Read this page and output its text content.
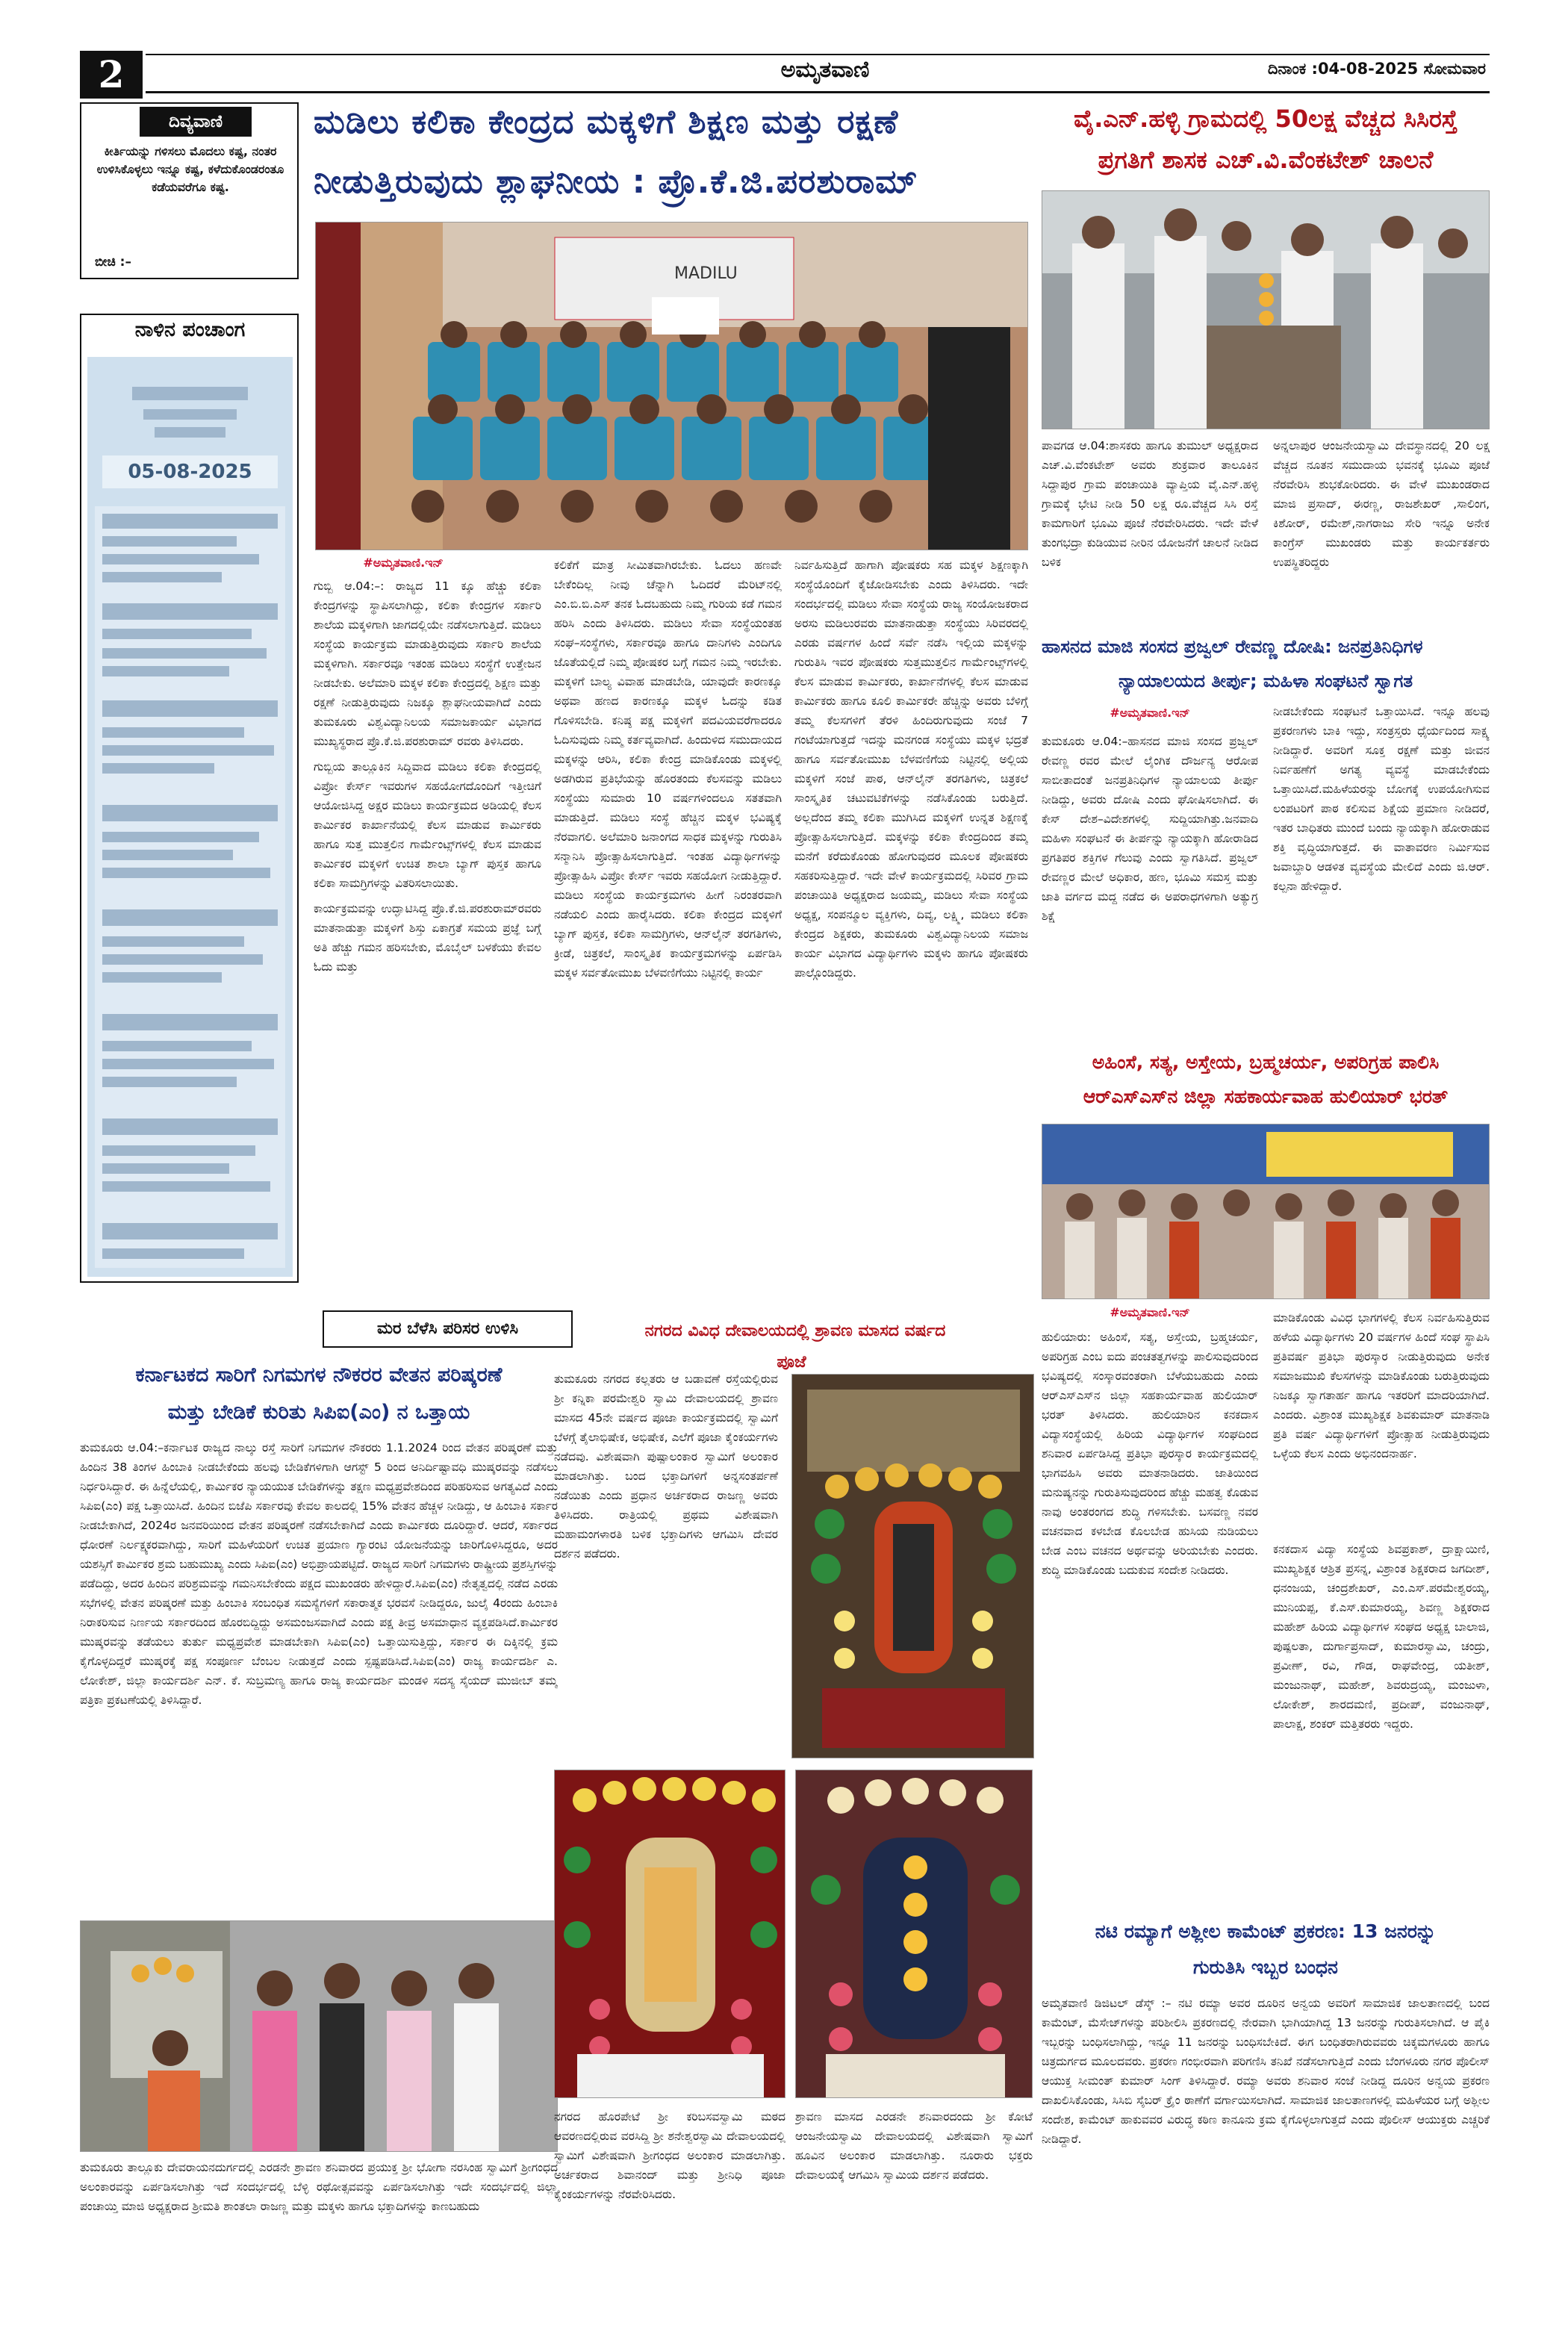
2	ಅಮೃತವಾಣಿ	ದಿನಾಂಕ :04-08-2025 ಸೋಮವಾರ
ದಿವ್ಯವಾಣಿ
ಕೀರ್ತಿಯನ್ನು ಗಳಿಸಲು ಮೊದಲು ಕಷ್ಟ, ನಂತರ ಉಳಿಸಿಕೊಳ್ಳಲು ಇನ್ನೂ ಕಷ್ಟ, ಕಳೆದುಕೊಂಡರಂತೂ ಕಡೆಯವರೆಗೂ ಕಷ್ಟ.
ಬೀಚಿ :–
ನಾಳಿನ ಪಂಚಾಂಗ
05-08-2025
ಮರ ಬೆಳೆಸಿ ಪರಿಸರ ಉಳಿಸಿ
ಮಡಿಲು ಕಲಿಕಾ ಕೇಂದ್ರದ ಮಕ್ಕಳಿಗೆ ಶಿಕ್ಷಣ ಮತ್ತು ರಕ್ಷಣೆ
ನೀಡುತ್ತಿರುವುದು ಶ್ಲಾಘನೀಯ : ಪ್ರೊ.ಕೆ.ಜಿ.ಪರಶುರಾಮ್
MADILU
#ಅಮೃತವಾಣಿ.ಇನ್

ಗುಬ್ಬಿ ಆ.04:–: ರಾಜ್ಯದ 11 ಕ್ಕೂ ಹೆಚ್ಚು ಕಲಿಕಾ ಕೇಂದ್ರಗಳನ್ನು ಸ್ಥಾಪಿಸಲಾಗಿದ್ದು, ಕಲಿಕಾ ಕೇಂದ್ರಗಳ ಸರ್ಕಾರಿ ಶಾಲೆಯ ಮಕ್ಕಳಿಗಾಗಿ ಜಾಗದಲ್ಲಿಯೇ ನಡೆಸಲಾಗುತ್ತಿದೆ. ಮಡಿಲು ಸಂಸ್ಥೆಯ ಕಾರ್ಯಕ್ರಮ ಮಾಡುತ್ತಿರುವುದು ಸರ್ಕಾರಿ ಶಾಲೆಯ ಮಕ್ಕಳಿಗಾಗಿ. ಸರ್ಕಾರವೂ ಇತಂಹ ಮಡಿಲು ಸಂಸ್ಥೆಗೆ ಉತ್ತೇಜನ ನೀಡಬೇಕು. ಅಲೆಮಾರಿ ಮಕ್ಕಳ ಕಲಿಕಾ ಕೇಂದ್ರದಲ್ಲಿ ಶಿಕ್ಷಣ ಮತ್ತು ರಕ್ಷಣೆ ನೀಡುತ್ತಿರುವುದು ನಿಜಕ್ಕೂ ಶ್ಲಾಘನೀಯವಾಗಿದೆ ಎಂದು ತುಮಕೂರು ವಿಶ್ವವಿದ್ಯಾನಿಲಯ ಸಮಾಜಕಾರ್ಯ ವಿಭಾಗದ ಮುಖ್ಯಸ್ಥರಾದ ಪ್ರೊ.ಕೆ.ಜಿ.ಪರಶುರಾಮ್ ರವರು ತಿಳಿಸಿದರು.

ಗುಬ್ಬಿಯ ತಾಲ್ಲೂಕಿನ ಸಿದ್ದಿವಾದ ಮಡಿಲು ಕಲಿಕಾ ಕೇಂದ್ರದಲ್ಲಿ ವಿಪ್ರೋ ಕೇರ್ಸ್ ಇವರುಗಳ ಸಹಯೋಗದೊಂದಿಗೆ ಇತ್ತೀಚಿಗೆ ಆಯೋಜಿಸಿದ್ದ ಅಕ್ಷರ ಮಡಿಲು ಕಾರ್ಯಕ್ರಮದ ಅಡಿಯಲ್ಲಿ ಕೆಲಸ ಕಾರ್ಮಿಕರ ಕಾರ್ಖಾನೆಯಲ್ಲಿ ಕೆಲಸ ಮಾಡುವ ಕಾರ್ಮಿಕರು ಹಾಗೂ ಸುತ್ತ ಮುತ್ತಲಿನ ಗಾರ್ಮೆಂಟ್ಸ್‌ಗಳಲ್ಲಿ ಕೆಲಸ ಮಾಡುವ ಕಾರ್ಮಿಕರ ಮಕ್ಕಳಿಗೆ ಉಚಿತ ಶಾಲಾ ಬ್ಯಾಗ್ ಪುಸ್ತಕ ಹಾಗೂ ಕಲಿಕಾ ಸಾಮಗ್ರಿಗಳನ್ನು ವಿತರಿಸಲಾಯಿತು.

ಕಾರ್ಯಕ್ರಮವನ್ನು ಉದ್ಘಾಟಿಸಿದ್ದ ಪ್ರೊ.ಕೆ.ಜಿ.ಪರಶುರಾಮ್‌ರವರು ಮಾತನಾಡುತ್ತಾ ಮಕ್ಕಳಿಗೆ ಶಿಸ್ತು ಏಕಾಗ್ರತೆ ಸಮಯ ಪ್ರಜ್ಞೆ ಬಗ್ಗೆ ಅತಿ ಹೆಚ್ಚು ಗಮನ ಹರಿಸಬೇಕು, ಮೊಬೈಲ್ ಬಳಕೆಯು ಕೇವಲ ಓದು ಮತ್ತು

ಕಲಿಕೆಗೆ ಮಾತ್ರ ಸೀಮಿತವಾಗಿರಬೇಕು. ಓದಲು ಹಣವೇ ಬೇಕೆಂದಿಲ್ಲ ನೀವು ಚೆನ್ನಾಗಿ ಓದಿದರೆ ಮೆರಿಟ್‌ನಲ್ಲಿ ಎಂ.ಬಿ.ಬಿ.ಎಸ್ ತನಕ ಓದಬಹುದು ನಿಮ್ಮ ಗುರಿಯ ಕಡೆ ಗಮನ ಹರಿಸಿ ಎಂದು ತಿಳಿಸಿದರು. ಮಡಿಲು ಸೇವಾ ಸಂಸ್ಥೆಯಂತಹ ಸಂಘ–ಸಂಸ್ಥೆಗಳು, ಸರ್ಕಾರವೂ ಹಾಗೂ ದಾನಿಗಳು ಎಂದಿಗೂ ಜೊತೆಯಲ್ಲಿದೆ ನಿಮ್ಮ ಪೋಷಕರ ಬಗ್ಗೆ ಗಮನ ನಿಮ್ಮ ಇರಬೇಕು. ಮಕ್ಕಳಿಗೆ ಬಾಲ್ಯ ವಿವಾಹ ಮಾಡಬೇಡಿ, ಯಾವುದೇ ಕಾರಣಕ್ಕೂ ಅಥವಾ ಹಣದ ಕಾರಣಕ್ಕೂ ಮಕ್ಕಳ ಓದನ್ನು ಕಡಿತ ಗೊಳಿಸಬೇಡಿ. ಕನಿಷ್ಠ ಪಕ್ಷ ಮಕ್ಕಳಿಗೆ ಪದವಿಯವರೆಗಾದರೂ ಓದಿಸುವುದು ನಿಮ್ಮ ಕರ್ತವ್ಯವಾಗಿದೆ. ಹಿಂದುಳಿದ ಸಮುದಾಯದ ಮಕ್ಕಳನ್ನು ಆರಿಸಿ, ಕಲಿಕಾ ಕೇಂದ್ರ ಮಾಡಿಕೊಂಡು ಮಕ್ಕಳಲ್ಲಿ ಅಡಗಿರುವ ಪ್ರತಿಭೆಯನ್ನು ಹೊರತಂದು ಕೆಲಸವನ್ನು ಮಡಿಲು ಸಂಸ್ಥೆಯು ಸುಮಾರು 10 ವರ್ಷಗಳಿಂದಲೂ ಸತತವಾಗಿ ಮಾಡುತ್ತಿದೆ. ಮಡಿಲು ಸಂಸ್ಥೆ ಹೆಚ್ಚಿನ ಮಕ್ಕಳ ಭವಿಷ್ಯಕ್ಕೆ ನೆರವಾಗಲಿ. ಅಲೆಮಾರಿ ಜನಾಂಗದ ಸಾಧಕ ಮಕ್ಕಳನ್ನು ಗುರುತಿಸಿ ಸನ್ಮಾನಿಸಿ ಪ್ರೋತ್ಸಾಹಿಸಲಾಗುತ್ತಿದೆ. ಇಂತಹ ವಿದ್ಯಾರ್ಥಿಗಳನ್ನು ಪ್ರೋತ್ಸಾಹಿಸಿ ವಿಪ್ರೋ ಕೇರ್ಸ್ ಇವರು ಸಹಯೋಗ ನೀಡುತ್ತಿದ್ದಾರೆ. ಮಡಿಲು ಸಂಸ್ಥೆಯ ಕಾರ್ಯಕ್ರಮಗಳು ಹೀಗೆ ನಿರಂತರವಾಗಿ ನಡೆಯಲಿ ಎಂದು ಹಾರೈಸಿದರು. ಕಲಿಕಾ ಕೇಂದ್ರದ ಮಕ್ಕಳಿಗೆ ಬ್ಯಾಗ್ ಪುಸ್ತಕ, ಕಲಿಕಾ ಸಾಮಗ್ರಿಗಳು, ಆನ್‌ಲೈನ್ ತರಗತಿಗಳು, ಕ್ರೀಡೆ, ಚಿತ್ರಕಲೆ, ಸಾಂಸ್ಕೃತಿಕ ಕಾರ್ಯಕ್ರಮಗಳನ್ನು ಏರ್ಪಡಿಸಿ ಮಕ್ಕಳ ಸರ್ವತೋಮುಖ ಬೆಳವಣಿಗೆಯು ನಿಟ್ಟಿನಲ್ಲಿ ಕಾರ್ಯ
ನಿರ್ವಹಿಸುತ್ತಿದೆ ಹಾಗಾಗಿ ಪೋಷಕರು ಸಹ ಮಕ್ಕಳ ಶಿಕ್ಷಣಕ್ಕಾಗಿ ಸಂಸ್ಥೆಯೊಂದಿಗೆ ಕೈಜೋಡಿಸಬೇಕು ಎಂದು ತಿಳಿಸಿದರು. ಇದೇ ಸಂದರ್ಭದಲ್ಲಿ ಮಡಿಲು ಸೇವಾ ಸಂಸ್ಥೆಯ ರಾಜ್ಯ ಸಂಯೋಜಕರಾದ ಅರಸು ಮಡಿಲುರವರು ಮಾತನಾಡುತ್ತಾ ಸಂಸ್ಥೆಯು ಸಿರಿವರದಲ್ಲಿ ಎರಡು ವರ್ಷಗಳ ಹಿಂದೆ ಸರ್ವೆ ನಡೆಸಿ ಇಲ್ಲಿಯ ಮಕ್ಕಳನ್ನು ಗುರುತಿಸಿ ಇವರ ಪೋಷಕರು ಸುತ್ತಮುತ್ತಲಿನ ಗಾರ್ಮೆಂಟ್ಸ್‌ಗಳಲ್ಲಿ ಕೆಲಸ ಮಾಡುವ ಕಾರ್ಮಿಕರು, ಕಾರ್ಖಾನೆಗಳಲ್ಲಿ ಕೆಲಸ ಮಾಡುವ ಕಾರ್ಮಿಕರು ಹಾಗೂ ಕೂಲಿ ಕಾರ್ಮಿಕರೇ ಹೆಚ್ಚಿನ್ನು ಅವರು ಬೆಳಿಗ್ಗೆ ತಮ್ಮ ಕೆಲಸಗಳಿಗೆ ತೆರಳಿ ಹಿಂದಿರುಗುವುದು ಸಂಜೆ 7 ಗಂಟೆಯಾಗುತ್ತದೆ ಇದನ್ನು ಮನಗಂಡ ಸಂಸ್ಥೆಯು ಮಕ್ಕಳ ಭದ್ರತೆ ಹಾಗೂ ಸರ್ವತೋಮುಖ ಬೆಳವಣಿಗೆಯ ನಿಟ್ಟಿನಲ್ಲಿ ಅಲ್ಲಿಯ ಮಕ್ಕಳಿಗೆ ಸಂಜೆ ಪಾಠ, ಆನ್‌ಲೈನ್ ತರಗತಿಗಳು, ಚಿತ್ರಕಲೆ ಸಾಂಸ್ಕೃತಿಕ ಚಟುವಟಿಕೆಗಳನ್ನು ನಡೆಸಿಕೊಂಡು ಬರುತ್ತಿದೆ. ಅಲ್ಲದೆಂದ ತಮ್ಮ ಕಲಿಕಾ ಮುಗಿಸಿದ ಮಕ್ಕಳಿಗೆ ಉನ್ನತ ಶಿಕ್ಷಣಕ್ಕೆ ಪ್ರೋತ್ಸಾಹಿಸಲಾಗುತ್ತಿದೆ. ಮಕ್ಕಳನ್ನು ಕಲಿಕಾ ಕೇಂದ್ರದಿಂದ ತಮ್ಮ ಮನೆಗೆ ಕರೆದುಕೊಂಡು ಹೋಗುವುದರ ಮೂಲಕ ಪೋಷಕರು ಸಹಕರಿಸುತ್ತಿದ್ದಾರೆ. ಇದೇ ವೇಳೆ ಕಾರ್ಯಕ್ರಮದಲ್ಲಿ ಸಿರಿವರ ಗ್ರಾಮ ಪಂಚಾಯಿತಿ ಅಧ್ಯಕ್ಷರಾದ ಜಯಮ್ಮ, ಮಡಿಲು ಸೇವಾ ಸಂಸ್ಥೆಯ ಅಧ್ಯಕ್ಷ, ಸಂಪನ್ಮೂಲ ವ್ಯಕ್ತಿಗಳು, ದಿವ್ಯ, ಲಕ್ಷ್ಮಿ, ಮಡಿಲು ಕಲಿಕಾ ಕೇಂದ್ರದ ಶಿಕ್ಷಕರು, ತುಮಕೂರು ವಿಶ್ವವಿದ್ಯಾನಿಲಯ ಸಮಾಜ ಕಾರ್ಯ ವಿಭಾಗದ ವಿದ್ಯಾರ್ಥಿಗಳು ಮಕ್ಕಳು ಹಾಗೂ ಪೋಷಕರು ಪಾಲ್ಗೊಂಡಿದ್ದರು.
ವೈ.ಎನ್.ಹಳ್ಳಿ ಗ್ರಾಮದಲ್ಲಿ 50ಲಕ್ಷ ವೆಚ್ಚದ ಸಿಸಿರಸ್ತೆ
ಪ್ರಗತಿಗೆ ಶಾಸಕ ಎಚ್.ವಿ.ವೆಂಕಟೇಶ್ ಚಾಲನೆ
ಪಾವಗಡ ಆ.04:ಶಾಸಕರು ಹಾಗೂ ತುಮುಲ್ ಅಧ್ಯಕ್ಷರಾದ ಎಚ್.ವಿ.ವೆಂಕಟೇಶ್ ಅವರು ಶುಕ್ರವಾರ ತಾಲೂಕಿನ ಸಿದ್ದಾಪುರ ಗ್ರಾಮ ಪಂಚಾಯಿತಿ ವ್ಯಾಪ್ತಿಯ ವೈ.ಎನ್.ಹಳ್ಳಿ ಗ್ರಾಮಕ್ಕೆ ಭೇಟಿ ನೀಡಿ 50 ಲಕ್ಷ ರೂ.ವೆಚ್ಚದ ಸಿಸಿ ರಸ್ತೆ ಕಾಮಗಾರಿಗೆ ಭೂಮಿ ಪೂಜೆ ನೆರವೇರಿಸಿದರು. ಇದೇ ವೇಳೆ ತುಂಗಭದ್ರಾ ಕುಡಿಯುವ ನೀರಿನ ಯೋಜನೆಗೆ ಚಾಲನೆ ನೀಡಿದ ಬಳಿಕ
ಅನ್ನಲಾಪುರ ಆಂಜನೇಯಸ್ವಾಮಿ ದೇವಸ್ಥಾನದಲ್ಲಿ 20 ಲಕ್ಷ ವೆಚ್ಚದ ನೂತನ ಸಮುದಾಯ ಭವನಕ್ಕೆ ಭೂಮಿ ಪೂಜೆ ನೆರವೇರಿಸಿ ಶುಭಕೋರಿದರು. ಈ ವೇಳೆ ಮುಖಂಡರಾದ ಮಾಜಿ ಪ್ರಸಾದ್, ಈರಣ್ಣ, ರಾಜಶೇಖರ್ ,ಸಾಲಿಂಗ, ಕಿಶೋರ್, ರಮೇಶ್,ನಾಗರಾಜು ಸೇರಿ ಇನ್ನೂ ಅನೇಕ ಕಾಂಗ್ರೆಸ್ ಮುಖಂಡರು ಮತ್ತು ಕಾರ್ಯಕರ್ತರು ಉಪಸ್ಥಿತರಿದ್ದರು
ಹಾಸನದ ಮಾಜಿ ಸಂಸದ ಪ್ರಜ್ವಲ್ ರೇವಣ್ಣ ದೋಷಿ: ಜನಪ್ರತಿನಿಧಿಗಳ
ನ್ಯಾಯಾಲಯದ ತೀರ್ಪು; ಮಹಿಳಾ ಸಂಘಟನೆ ಸ್ವಾಗತ
#ಅಮೃತವಾಣಿ.ಇನ್
ತುಮಕೂರು ಆ.04:–ಹಾಸನದ ಮಾಜಿ ಸಂಸದ ಪ್ರಜ್ವಲ್ ರೇವಣ್ಣ ರವರ ಮೇಲೆ ಲೈಂಗಿಕ ದೌರ್ಜನ್ಯ ಆರೋಪ ಸಾಬೀತಾದಂತೆ ಜನಪ್ರತಿನಿಧಿಗಳ ನ್ಯಾಯಾಲಯ ತೀರ್ಪು ನೀಡಿದ್ದು, ಅವರು ದೋಷಿ ಎಂದು ಘೋಷಿಸಲಾಗಿದೆ. ಈ ಕೇಸ್ ದೇಶ–ವಿದೇಶಗಳಲ್ಲಿ ಸುದ್ದಿಯಾಗಿತ್ತು.ಜನವಾದಿ ಮಹಿಳಾ ಸಂಘಟನೆ ಈ ತೀರ್ಪನ್ನು ನ್ಯಾಯಕ್ಕಾಗಿ ಹೋರಾಡಿದ ಪ್ರಗತಿಪರ ಶಕ್ತಿಗಳ ಗೆಲುವು ಎಂದು ಸ್ವಾಗತಿಸಿದೆ. ಪ್ರಜ್ವಲ್ ರೇವಣ್ಣರ ಮೇಲೆ ಅಧಿಕಾರ, ಹಣ, ಭೂಮಿ ಸಮಸ್ತ ಮತ್ತು ಜಾತಿ ವರ್ಗದ ಮದ್ದ ನಡೆದ ಈ ಅಪರಾಧಗಳಿಗಾಗಿ ಅತ್ಯುಗ್ರ ಶಿಕ್ಷೆ
ನೀಡಬೇಕೆಂದು ಸಂಘಟನೆ ಒತ್ತಾಯಿಸಿದೆ. ಇನ್ನೂ ಹಲವು ಪ್ರಕರಣಗಳು ಬಾಕಿ ಇದ್ದು, ಸಂತ್ರಸ್ತರು ಧೈರ್ಯದಿಂದ ಸಾಕ್ಷ್ಯ ನೀಡಿದ್ದಾರೆ. ಅವರಿಗೆ ಸೂಕ್ತ ರಕ್ಷಣೆ ಮತ್ತು ಜೀವನ ನಿರ್ವಹಣೆಗೆ ಅಗತ್ಯ ವ್ಯವಸ್ಥೆ ಮಾಡಬೇಕೆಂದು ಒತ್ತಾಯಿಸಿದೆ.ಮಹಿಳೆಯರನ್ನು ಬೋಗಕ್ಕೆ ಉಪಯೋಗಿಸುವ ಲಂಪಟರಿಗೆ ಪಾಠ ಕಲಿಸುವ ಶಿಕ್ಷೆಯ ಪ್ರಮಾಣ ನೀಡಿದರೆ, ಇತರ ಬಾಧಿತರು ಮುಂದೆ ಬಂದು ನ್ಯಾಯಕ್ಕಾಗಿ ಹೋರಾಡುವ ಶಕ್ತಿ ವೃದ್ಧಿಯಾಗುತ್ತದೆ. ಈ ವಾತಾವರಣ ನಿರ್ಮಿಸುವ ಜವಾಬ್ದಾರಿ ಆಡಳಿತ ವ್ಯವಸ್ಥೆಯ ಮೇಲಿದೆ ಎಂದು ಜಿ.ಆರ್. ಕಲ್ಪನಾ ಹೇಳಿದ್ದಾರೆ.
ಅಹಿಂಸೆ, ಸತ್ಯ, ಅಸ್ತೇಯ, ಬ್ರಹ್ಮಚರ್ಯ, ಅಪರಿಗ್ರಹ ಪಾಲಿಸಿ
ಆರ್‌ಎಸ್‌ಎಸ್‌ನ ಜಿಲ್ಲಾ ಸಹಕಾರ್ಯವಾಹ ಹುಲಿಯಾರ್ ಭರತ್
#ಅಮೃತವಾಣಿ.ಇನ್	ಮಾಡಿಕೊಂಡು ವಿವಿಧ ಭಾಗಗಳಲ್ಲಿ ಕೆಲಸ ನಿರ್ವಹಿಸುತ್ತಿರುವ ಹಳೆಯ ವಿದ್ಯಾರ್ಥಿಗಳು 20 ವರ್ಷಗಳ ಹಿಂದೆ ಸಂಘ ಸ್ಥಾಪಿಸಿ ಪ್ರತಿವರ್ಷ ಪ್ರತಿಭಾ ಪುರಸ್ಕಾರ ನೀಡುತ್ತಿರುವುದು ಅನೇಕ ಸಮಾಜಮುಖಿ ಕೆಲಸಗಳನ್ನು ಮಾಡಿಕೊಂಡು ಬರುತ್ತಿರುವುದು ನಿಜಕ್ಕೂ ಸ್ವಾಗತಾರ್ಹ ಹಾಗೂ ಇತರರಿಗೆ ಮಾದರಿಯಾಗಿದೆ. ಎಂದರು. ವಿಶ್ರಾಂತ ಮುಖ್ಯಶಿಕ್ಷಕ ಶಿವಕುಮಾರ್ ಮಾತನಾಡಿ ಪ್ರತಿ ವರ್ಷ ವಿದ್ಯಾರ್ಥಿಗಳಿಗೆ ಪ್ರೋತ್ಸಾಹ ನೀಡುತ್ತಿರುವುದು ಒಳ್ಳೆಯ ಕೆಲಸ ಎಂದು ಅಭಿನಂದನಾರ್ಹ.
ಹುಲಿಯಾರು: ಅಹಿಂಸೆ, ಸತ್ಯ, ಅಸ್ತೇಯ, ಬ್ರಹ್ಮಚರ್ಯ, ಅಪರಿಗ್ರಹ ಎಂಬ ಐದು ಪಂಚತತ್ವಗಳನ್ನು ಪಾಲಿಸುವುದರಿಂದ ಭವಿಷ್ಯದಲ್ಲಿ ಸಂಸ್ಕಾರವಂತರಾಗಿ ಬೆಳೆಯಬಹುದು ಎಂದು ಆರ್‌ಎಸ್‌ಎಸ್‌ನ ಜಿಲ್ಲಾ ಸಹಕಾರ್ಯವಾಹ ಹುಲಿಯಾರ್ ಭರತ್ ತಿಳಿಸಿದರು. ಹುಲಿಯಾರಿನ ಕನಕದಾಸ ವಿದ್ಯಾಸಂಸ್ಥೆಯಲ್ಲಿ ಹಿರಿಯ ವಿದ್ಯಾರ್ಥಿಗಳ ಸಂಘದಿಂದ ಶನಿವಾರ ಏರ್ಪಡಿಸಿದ್ದ ಪ್ರತಿಭಾ ಪುರಸ್ಕಾರ ಕಾರ್ಯಕ್ರಮದಲ್ಲಿ ಭಾಗವಹಿಸಿ ಅವರು ಮಾತನಾಡಿದರು. ಜಾತಿಯಿಂದ ಮನುಷ್ಯನನ್ನು ಗುರುತಿಸುವುದರಿಂದ ಹೆಚ್ಚು ಮಹತ್ವ ಕೊಡುವ ನಾವು ಅಂತರಂಗದ ಶುದ್ಧಿ ಗಳಿಸಬೇಕು. ಬಸವಣ್ಣ ನವರ ವಚನವಾದ ಕಳಬೇಡ ಕೊಲಬೇಡ ಹುಸಿಯ ನುಡಿಯಲು ಬೇಡ ಎಂಬ ವಚನದ ಅರ್ಥವನ್ನು ಅರಿಯಬೇಕು ಎಂದರು. ಶುದ್ಧಿ ಮಾಡಿಕೊಂಡು ಬದುಕುವ ಸಂದೇಶ ನೀಡಿದರು.
ಕನಕದಾಸ ವಿದ್ಯಾ ಸಂಸ್ಥೆಯ ಶಿವಪ್ರಕಾಶ್, ದ್ರಾಕ್ಷಾಯಿಣಿ, ಮುಖ್ಯಶಿಕ್ಷಕ ಆಶ್ರಿತ ಪ್ರಸನ್ನ, ವಿಶ್ರಾಂತ ಶಿಕ್ಷಕರಾದ ಜಗದೀಶ್, ಧನಂಜಯ, ಚಂದ್ರಶೇಖರ್, ಎಂ.ಎಸ್.ಪರಮೇಶ್ವರಯ್ಯ, ಮುನಿಯಪ್ಪ, ಕೆ.ಎಸ್.ಕುಮಾರಯ್ಯ, ಶಿವಣ್ಣ ಶಿಕ್ಷಕರಾದ ಮಹೇಶ್ ಹಿರಿಯ ವಿದ್ಯಾರ್ಥಿಗಳ ಸಂಘದ ಅಧ್ಯಕ್ಷ ಬಾಲಾಜಿ, ಪುಷ್ಪಲತಾ, ದುರ್ಗಾಪ್ರಸಾದ್, ಕುಮಾರಸ್ವಾಮಿ, ಚಂದ್ರು, ಪ್ರವೀಣ್, ರವಿ, ಗೌಡ, ರಾಘವೇಂದ್ರ, ಯತೀಶ್, ಮಂಜುನಾಥ್, ಮಹೇಶ್, ಶಿವರುದ್ರಯ್ಯ, ಮಂಜುಳಾ, ಲೋಕೇಶ್, ಶಾರದಮಣಿ, ಪ್ರದೀಪ್, ವಂಜುನಾಥ್, ಪಾಲಾಕ್ಷ, ಶಂಕರ್ ಮತ್ತಿತರರು ಇದ್ದರು.
ನಟಿ ರಮ್ಯಾಗೆ ಅಶ್ಲೀಲ ಕಾಮೆಂಟ್ ಪ್ರಕರಣ: 13 ಜನರನ್ನು
ಗುರುತಿಸಿ ಇಬ್ಬರ ಬಂಧನ
ಅಮೃತವಾಣಿ ಡಿಜಿಟಲ್ ಡೆಸ್ಕ್ :– ನಟಿ ರಮ್ಯಾ ಅವರ ದೂರಿನ ಅನ್ವಯ ಅವರಿಗೆ ಸಾಮಾಜಿಕ ಜಾಲತಾಣದಲ್ಲಿ ಬಂದ ಕಾಮೆಂಟ್, ಮೆಸೇಜ್‌ಗಳನ್ನು ಪರಿಶೀಲಿಸಿ ಪ್ರಕರಣದಲ್ಲಿ ನೇರವಾಗಿ ಭಾಗಿಯಾಗಿದ್ದ 13 ಜನರನ್ನು ಗುರುತಿಸಲಾಗಿದೆ. ಆ ಪೈಕಿ ಇಬ್ಬರನ್ನು ಬಂಧಿಸಲಾಗಿದ್ದು, ಇನ್ನೂ 11 ಜನರನ್ನು ಬಂಧಿಸಬೇಕಿದೆ. ಈಗ ಬಂಧಿತರಾಗಿರುವವರು ಚಿಕ್ಕಮಗಳೂರು ಹಾಗೂ ಚಿತ್ರದುರ್ಗದ ಮೂಲದವರು. ಪ್ರಕರಣ ಗಂಭೀರವಾಗಿ ಪರಿಗಣಿಸಿ ತನಿಖೆ ನಡೆಸಲಾಗುತ್ತಿದೆ ಎಂದು ಬೆಂಗಳೂರು ನಗರ ಪೊಲೀಸ್ ಆಯುಕ್ತ ಸೀಮಂತ್ ಕುಮಾರ್ ಸಿಂಗ್ ತಿಳಿಸಿದ್ದಾರೆ. ರಮ್ಯಾ ಅವರು ಶನಿವಾರ ಸಂಜೆ ನೀಡಿದ್ದ ದೂರಿನ ಅನ್ವಯ ಪ್ರಕರಣ ದಾಖಲಿಸಿಕೊಂಡು, ಸಿಸಿಬಿ ಸೈಬರ್ ಕ್ರೈಂ ಠಾಣೆಗೆ ವರ್ಗಾಯಿಸಲಾಗಿದೆ. ಸಾಮಾಜಿಕ ಜಾಲತಾಣಗಳಲ್ಲಿ ಮಹಿಳೆಯರ ಬಗ್ಗೆ ಅಶ್ಲೀಲ ಸಂದೇಶ, ಕಾಮೆಂಟ್ ಹಾಕುವವರ ವಿರುದ್ಧ ಕಠಿಣ ಕಾನೂನು ಕ್ರಮ ಕೈಗೊಳ್ಳಲಾಗುತ್ತದೆ ಎಂದು ಪೊಲೀಸ್ ಆಯುಕ್ತರು ಎಚ್ಚರಿಕೆ ನೀಡಿದ್ದಾರೆ.
ಕರ್ನಾಟಕದ ಸಾರಿಗೆ ನಿಗಮಗಳ ನೌಕರರ ವೇತನ ಪರಿಷ್ಕರಣೆ
ಮತ್ತು ಬೇಡಿಕೆ ಕುರಿತು ಸಿಪಿಐ(ಎಂ) ನ ಒತ್ತಾಯ
ತುಮಕೂರು ಆ.04:–ಕರ್ನಾಟಕ ರಾಜ್ಯದ ನಾಲ್ಕು ರಸ್ತೆ ಸಾರಿಗೆ ನಿಗಮಗಳ ನೌಕರರು 1.1.2024 ರಿಂದ ವೇತನ ಪರಿಷ್ಕರಣೆ ಮತ್ತು ಹಿಂದಿನ 38 ತಿಂಗಳ ಹಿಂಬಾಕಿ ನೀಡಬೇಕೆಂದು ಹಲವು ಬೇಡಿಕೆಗಳಿಗಾಗಿ ಆಗಸ್ಟ್ 5 ರಿಂದ ಅನಿರ್ದಿಷ್ಟಾವಧಿ ಮುಷ್ಕರವನ್ನು ನಡೆಸಲು ನಿರ್ಧರಿಸಿದ್ದಾರೆ. ಈ ಹಿನ್ನೆಲೆಯಲ್ಲಿ, ಕಾರ್ಮಿಕರ ನ್ಯಾಯಯುತ ಬೇಡಿಕೆಗಳನ್ನು ತಕ್ಷಣ ಮಧ್ಯಪ್ರವೇಶದಿಂದ ಪರಿಹರಿಸುವ ಅಗತ್ಯವಿದೆ ಎಂದು ಸಿಪಿಐ(ಎಂ) ಪಕ್ಷ ಒತ್ತಾಯಿಸಿದೆ. ಹಿಂದಿನ ಬಿಜೆಪಿ ಸರ್ಕಾರವು ಕೇವಲ ಕಾಲದಲ್ಲಿ 15% ವೇತನ ಹೆಚ್ಚಳ ನೀಡಿದ್ದು, ಆ ಹಿಂಬಾಕಿ ಸರ್ಕಾರ ನೀಡಬೇಕಾಗಿದೆ, 2024ರ ಜನವರಿಯಿಂದ ವೇತನ ಪರಿಷ್ಕರಣೆ ನಡೆಸಬೇಕಾಗಿದೆ ಎಂದು ಕಾರ್ಮಿಕರು ದೂರಿದ್ದಾರೆ. ಆದರೆ, ಸರ್ಕಾರದ ಧೋರಣೆ ನಿರ್ಲಕ್ಷ್ಯಕರವಾಗಿದ್ದು, ಸಾರಿಗೆ ಮಹಿಳೆಯರಿಗೆ ಉಚಿತ ಪ್ರಯಾಣ ಗ್ಯಾರಂಟಿ ಯೋಜನೆಯನ್ನು ಜಾರಿಗೊಳಿಸಿದ್ದರೂ, ಅದರ ಯಶಸ್ಸಿಗೆ ಕಾರ್ಮಿಕರ ಶ್ರಮ ಬಹುಮುಖ್ಯ ಎಂದು ಸಿಪಿಐ(ಎಂ) ಅಭಿಪ್ರಾಯಪಟ್ಟಿದೆ. ರಾಜ್ಯದ ಸಾರಿಗೆ ನಿಗಮಗಳು ರಾಷ್ಟ್ರೀಯ ಪ್ರಶಸ್ತಿಗಳನ್ನು ಪಡೆದಿದ್ದು, ಅದರ ಹಿಂದಿನ ಪರಿಶ್ರಮವನ್ನು ಗಮನಿಸಬೇಕೆಂದು ಪಕ್ಷದ ಮುಖಂಡರು ಹೇಳಿದ್ದಾರೆ.ಸಿಪಿಐ(ಎಂ) ನೇತೃತ್ವದಲ್ಲಿ ನಡೆದ ಎರಡು ಸಭೆಗಳಲ್ಲಿ ವೇತನ ಪರಿಷ್ಕರಣೆ ಮತ್ತು ಹಿಂಬಾಕಿ ಸಂಬಂಧಿತ ಸಮಸ್ಯೆಗಳಿಗೆ ಸಕಾರಾತ್ಮಕ ಭರವಸೆ ನೀಡಿದ್ದರೂ, ಜುಲೈ 4ರಂದು ಹಿಂಬಾಕಿ ನಿರಾಕರಿಸುವ ನಿರ್ಣಯ ಸರ್ಕಾರದಿಂದ ಹೊರಬಿದ್ದಿದ್ದು ಅಸಮಂಜಸವಾಗಿದೆ ಎಂದು ಪಕ್ಷ ತೀವ್ರ ಅಸಮಾಧಾನ ವ್ಯಕ್ತಪಡಿಸಿದೆ.ಕಾರ್ಮಿಕರ ಮುಷ್ಕರವನ್ನು ತಡೆಯಲು ತುರ್ತು ಮಧ್ಯಪ್ರವೇಶ ಮಾಡಬೇಕಾಗಿ ಸಿಪಿಐ(ಎಂ) ಒತ್ತಾಯಿಸುತ್ತಿದ್ದು, ಸರ್ಕಾರ ಈ ದಿಕ್ಕಿನಲ್ಲಿ ಕ್ರಮ ಕೈಗೊಳ್ಳದಿದ್ದರೆ ಮುಷ್ಕರಕ್ಕೆ ಪಕ್ಷ ಸಂಪೂರ್ಣ ಬೆಂಬಲ ನೀಡುತ್ತದೆ ಎಂದು ಸ್ಪಷ್ಟಪಡಿಸಿದೆ.ಸಿಪಿಐ(ಎಂ) ರಾಜ್ಯ ಕಾರ್ಯದರ್ಶಿ ಎ. ಲೋಕೇಶ್, ಜಿಲ್ಲಾ ಕಾರ್ಯದರ್ಶಿ ಎನ್. ಕೆ. ಸುಬ್ರಮಣ್ಯ ಹಾಗೂ ರಾಜ್ಯ ಕಾರ್ಯದರ್ಶಿ ಮಂಡಳಿ ಸದಸ್ಯ ಸೈಯದ್ ಮುಜೀಬ್ ತಮ್ಮ ಪತ್ರಿಕಾ ಪ್ರಕಟಣೆಯಲ್ಲಿ ತಿಳಿಸಿದ್ದಾರೆ.
ತುಮಕೂರು ತಾಲ್ಲೂಕು ದೇವರಾಯನದುರ್ಗದಲ್ಲಿ ಎರಡನೇ ಶ್ರಾವಣ ಶನಿವಾರದ ಪ್ರಯುಕ್ತ ಶ್ರೀ ಭೋಗಾ ನರಸಿಂಹ ಸ್ವಾಮಿಗೆ ಶ್ರೀಗಂಧದ ಅಲಂಕಾರವನ್ನು ಏರ್ಪಡಿಸಲಾಗಿತ್ತು ಇದೆ ಸಂದರ್ಭದಲ್ಲಿ ಬೆಳ್ಳಿ ರಥೋತ್ಸವವನ್ನು ಏರ್ಪಡಿಸಲಾಗಿತ್ತು ಇದೇ ಸಂದರ್ಭದಲ್ಲಿ ಜಿಲ್ಲಾ ಪಂಚಾಯ್ತಿ ಮಾಜಿ ಅಧ್ಯಕ್ಷರಾದ ಶ್ರೀಮತಿ ಶಾಂತಲಾ ರಾಜಣ್ಣ ಮತ್ತು ಮಕ್ಕಳು ಹಾಗೂ ಭಕ್ತಾದಿಗಳನ್ನು ಕಾಣಬಹುದು
ನಗರದ ವಿವಿಧ ದೇವಾಲಯದಲ್ಲಿ ಶ್ರಾವಣ ಮಾಸದ ವರ್ಷದ
ಪೂಜೆ
ತುಮಕೂರು ನಗರದ ಕಲ್ಲತರು ಆ ಬಡಾವಣೆ ರಸ್ತೆಯಲ್ಲಿರುವ ಶ್ರೀ ಕನ್ನಿಕಾ ಪರಮೇಶ್ವರಿ ಸ್ವಾಮಿ ದೇವಾಲಯದಲ್ಲಿ ಶ್ರಾವಣ ಮಾಸದ 45ನೇ ವರ್ಷದ ಪೂಜಾ ಕಾರ್ಯಕ್ರಮದಲ್ಲಿ ಸ್ವಾಮಿಗೆ ಬೆಳಗ್ಗೆ ತೈಲಾಭಿಷೇಕ, ಅಭಿಷೇಕ, ಎಲೆಗೆ ಪೂಜಾ ಕೈಂಕರ್ಯಗಳು ನಡೆದವು. ವಿಶೇಷವಾಗಿ ಪುಷ್ಪಾಲಂಕಾರ ಸ್ವಾಮಿಗೆ ಅಲಂಕಾರ ಮಾಡಲಾಗಿತ್ತು. ಬಂದ ಭಕ್ತಾದಿಗಳಿಗೆ ಅನ್ನಸಂತರ್ಪಣೆ ನಡೆಯಿತು ಎಂದು ಪ್ರಧಾನ ಅರ್ಚಕರಾದ ರಾಜಣ್ಣ ಅವರು ತಿಳಿಸಿದರು. ರಾತ್ರಿಯಲ್ಲಿ ಪ್ರಥಮ ವಿಶೇಷವಾಗಿ ಮಹಾಮಂಗಳಾರತಿ ಬಳಿಕ ಭಕ್ತಾದಿಗಳು ಆಗಮಿಸಿ ದೇವರ ದರ್ಶನ ಪಡೆದರು.
ನಗರದ ಹೊರಪೇಟೆ ಶ್ರೀ ಕರಿಬಸವಸ್ವಾಮಿ ಮಠದ ಆವರಣದಲ್ಲಿರುವ ವರಸಿದ್ದಿ ಶ್ರೀ ಶನೇಶ್ವರಸ್ವಾಮಿ ದೇವಾಲಯದಲ್ಲಿ ಸ್ವಾಮಿಗೆ ವಿಶೇಷವಾಗಿ ಶ್ರೀಗಂಧದ ಅಲಂಕಾರ ಮಾಡಲಾಗಿತ್ತು. ಅರ್ಚಕರಾದ ಶಿವಾನಂದ್ ಮತ್ತು ಶ್ರೀನಿಧಿ ಪೂಜಾ ಕೈಂಕರ್ಯಗಳನ್ನು ನೆರವೇರಿಸಿದರು.
ಶ್ರಾವಣ ಮಾಸದ ಎರಡನೇ ಶನಿವಾರದಂದು ಶ್ರೀ ಕೋಟೆ ಆಂಜನೇಯಸ್ವಾಮಿ ದೇವಾಲಯದಲ್ಲಿ ವಿಶೇಷವಾಗಿ ಸ್ವಾಮಿಗೆ ಹೂವಿನ ಅಲಂಕಾರ ಮಾಡಲಾಗಿತ್ತು. ನೂರಾರು ಭಕ್ತರು ದೇವಾಲಯಕ್ಕೆ ಆಗಮಿಸಿ ಸ್ವಾಮಿಯ ದರ್ಶನ ಪಡೆದರು.
